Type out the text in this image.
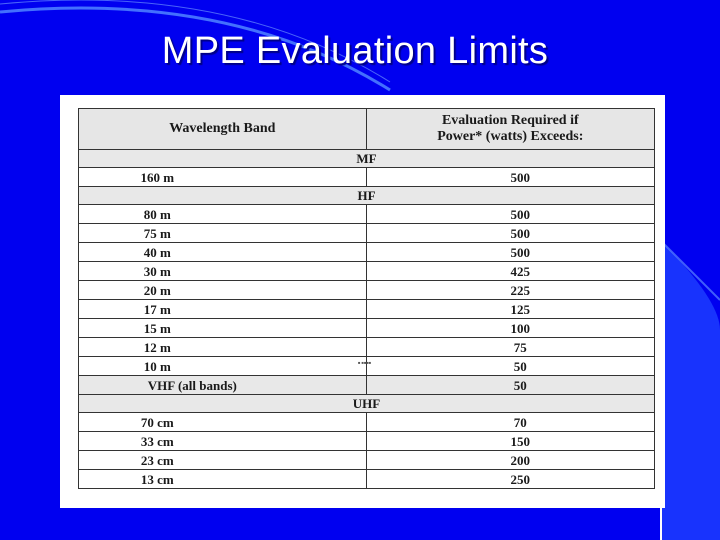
MPE Evaluation Limits
Wavelength Band	Evaluation Required if
Power* (watts) Exceeds:
MF	
160 m	500
HF	
80 m	500
75 m	500
40 m	500
30 m	425
20 m	225
17 m	125
15 m	100
12 m	75
10 m	50
VHF (all bands)	50
UHF	
70 cm	70
33 cm	150
23 cm	200
13 cm	250
■ ■■■■
